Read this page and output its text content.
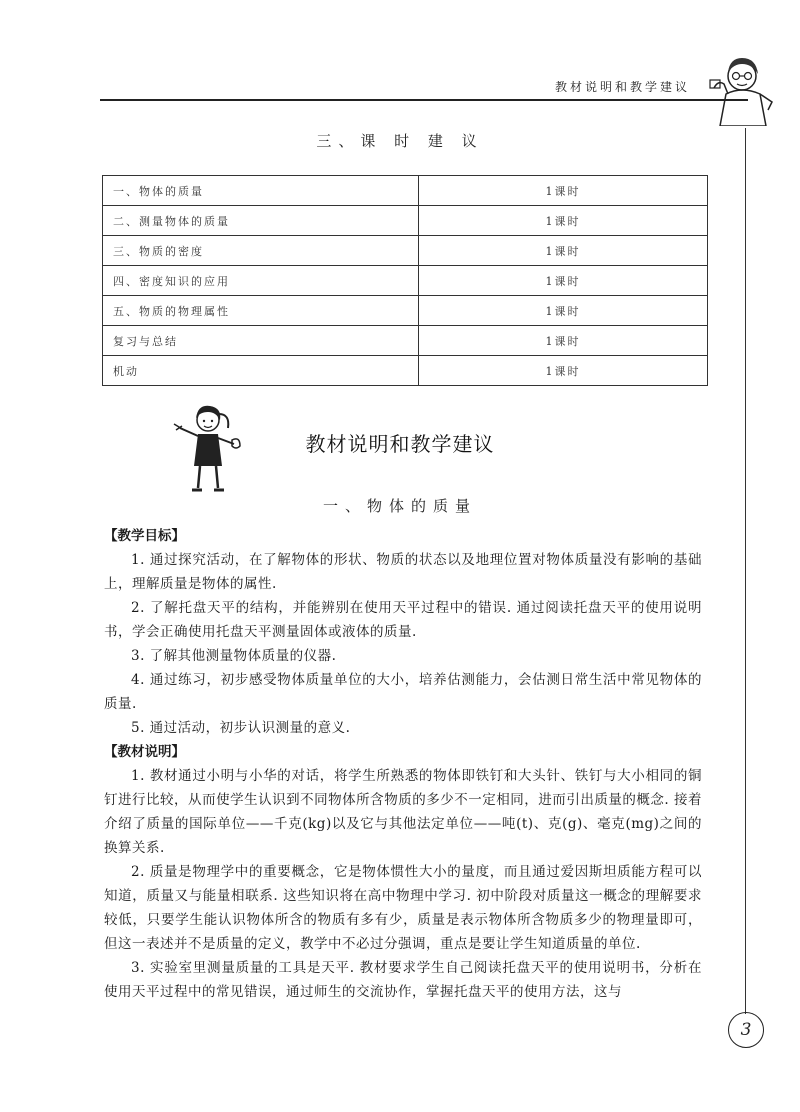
教材说明和教学建议
三、课 时 建 议
一、物体的质量	1课时
二、测量物体的质量	1课时
三、物质的密度	1课时
四、密度知识的应用	1课时
五、物质的物理属性	1课时
复习与总结	1课时
机动	1课时
教材说明和教学建议
一、物体的质量

【教学目标】

1. 通过探究活动，在了解物体的形状、物质的状态以及地理位置对物体质量没有影响的基础上，理解质量是物体的属性.

2. 了解托盘天平的结构，并能辨别在使用天平过程中的错误. 通过阅读托盘天平的使用说明书，学会正确使用托盘天平测量固体或液体的质量.

3. 了解其他测量物体质量的仪器.

4. 通过练习，初步感受物体质量单位的大小，培养估测能力，会估测日常生活中常见物体的质量.

5. 通过活动，初步认识测量的意义.

【教材说明】

1. 教材通过小明与小华的对话，将学生所熟悉的物体即铁钉和大头针、铁钉与大小相同的铜钉进行比较，从而使学生认识到不同物体所含物质的多少不一定相同，进而引出质量的概念. 接着介绍了质量的国际单位——千克(kg)以及它与其他法定单位——吨(t)、克(g)、毫克(mg)之间的换算关系.

2. 质量是物理学中的重要概念，它是物体惯性大小的量度，而且通过爱因斯坦质能方程可以知道，质量又与能量相联系. 这些知识将在高中物理中学习. 初中阶段对质量这一概念的理解要求较低，只要学生能认识物体所含的物质有多有少，质量是表示物体所含物质多少的物理量即可，但这一表述并不是质量的定义，教学中不必过分强调，重点是要让学生知道质量的单位.

3. 实验室里测量质量的工具是天平. 教材要求学生自己阅读托盘天平的使用说明书，分析在使用天平过程中的常见错误，通过师生的交流协作，掌握托盘天平的使用方法，这与

3
